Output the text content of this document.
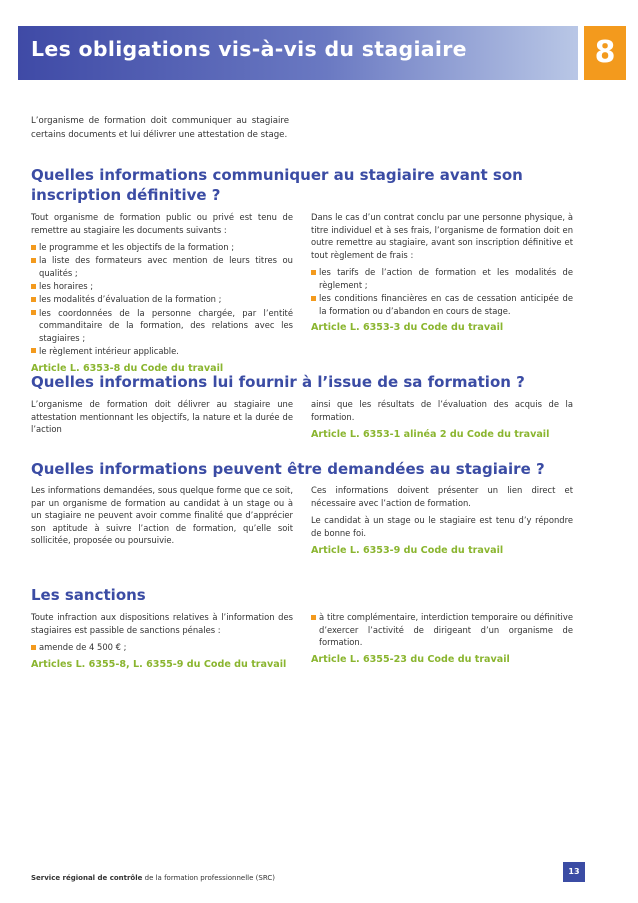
Les obligations vis-à-vis du stagiaire	8
L’organisme de formation doit communiquer au stagiaire certains documents et lui délivrer une attestation de stage.
Quelles informations communiquer au stagiaire avant son inscription définitive ?

Tout organisme de formation public ou privé est tenu de remettre au stagiaire les documents suivants :

le programme et les objectifs de la formation ;
la liste des formateurs avec mention de leurs titres ou qualités ;
les horaires ;
les modalités d’évaluation de la formation ;
les coordonnées de la personne chargée, par l’entité commanditaire de la formation, des relations avec les stagiaires ;
le règlement intérieur applicable.
Article L. 6353-8 du Code du travail

Dans le cas d’un contrat conclu par une personne physique, à titre individuel et à ses frais, l’organisme de formation doit en outre remettre au stagiaire, avant son inscription définitive et tout règlement de frais :

les tarifs de l’action de formation et les modalités de règlement ;
les conditions financières en cas de cessation anticipée de la formation ou d’abandon en cours de stage.
Article L. 6353-3 du Code du travail
Quelles informations lui fournir à l’issue de sa formation ?

L’organisme de formation doit délivrer au stagiaire une attestation mentionnant les objectifs, la nature et la durée de l’action

ainsi que les résultats de l’évaluation des acquis de la formation.

Article L. 6353-1 alinéa 2 du Code du travail
Quelles informations peuvent être demandées au stagiaire ?

Les informations demandées, sous quelque forme que ce soit, par un organisme de formation au candidat à un stage ou à un stagiaire ne peuvent avoir comme finalité que d’apprécier son aptitude à suivre l’action de formation, qu’elle soit sollicitée, proposée ou poursuivie.

Ces informations doivent présenter un lien direct et nécessaire avec l’action de formation.

Le candidat à un stage ou le stagiaire est tenu d’y répondre de bonne foi.

Article L. 6353-9 du Code du travail
Les sanctions

Toute infraction aux dispositions relatives à l’information des stagiaires est passible de sanctions pénales :

amende de 4 500 € ;
Articles L. 6355-8, L. 6355-9 du Code du travail
à titre complémentaire, interdiction temporaire ou définitive d’exercer l’activité de dirigeant d’un organisme de formation.
Article L. 6355-23 du Code du travail
Service régional de contrôle de la formation professionnelle (SRC)
13
